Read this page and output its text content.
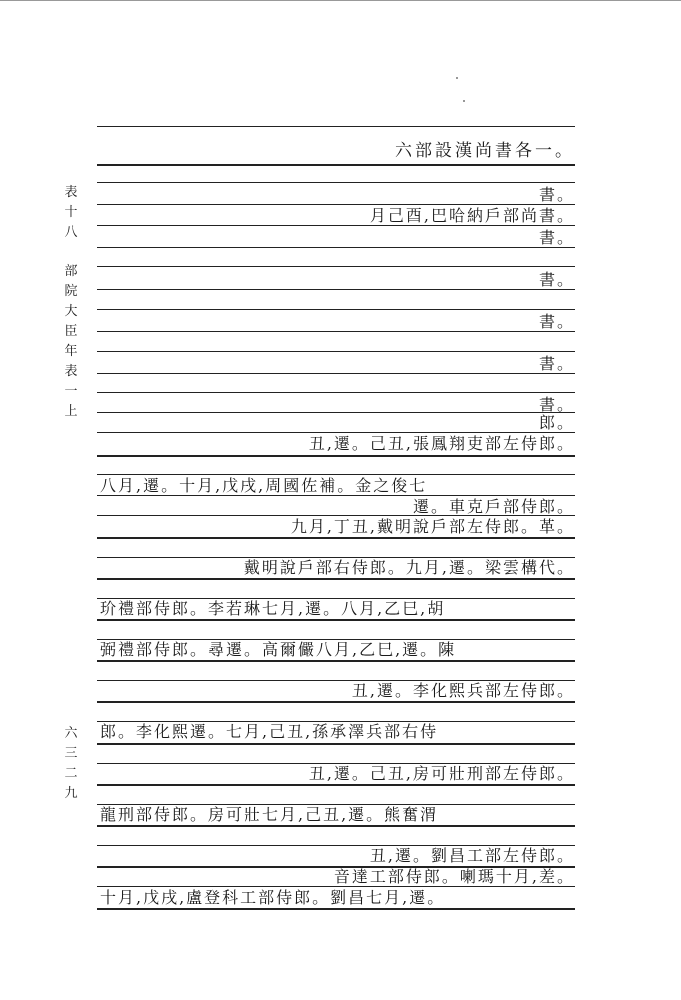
表
十
八
部
院
大
臣
年
表
一
上
六
三
二
九
六部設漢尚書各一。
書。
月己酉,巴哈納戶部尚書。
書。
書。
書。
書。
書。
郎。
丑,遷。己丑,張鳳翔吏部左侍郎。
八月,遷。十月,戊戌,周國佐補。金之俊七
遷。車克戶部侍郎。
九月,丁丑,戴明說戶部左侍郎。革。
戴明說戶部右侍郎。九月,遷。梁雲構代。
玠禮部侍郎。李若琳七月,遷。八月,乙巳,胡
弼禮部侍郎。尋遷。高爾儼八月,乙巳,遷。陳
丑,遷。李化熙兵部左侍郎。
郎。李化熙遷。七月,己丑,孫承澤兵部右侍
丑,遷。己丑,房可壯刑部左侍郎。
龍刑部侍郎。房可壯七月,己丑,遷。熊奮渭
丑,遷。劉昌工部左侍郎。
音達工部侍郎。喇瑪十月,差。
十月,戊戌,盧登科工部侍郎。劉昌七月,遷。
